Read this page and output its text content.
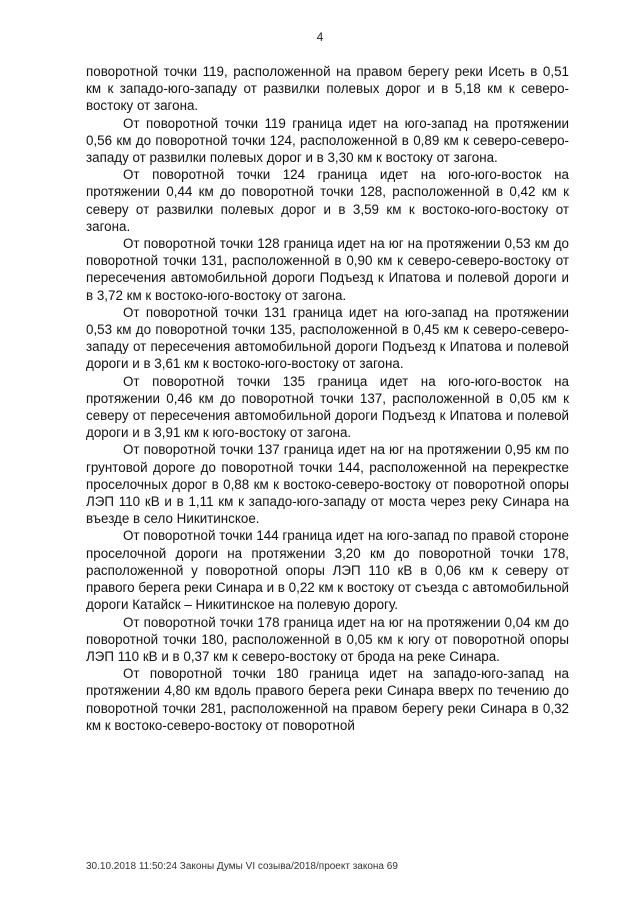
4

поворотной точки 119, расположенной на правом берегу реки Исеть в 0,51 км к западо-юго-западу от развилки полевых дорог и в 5,18 км к северо-востоку от загона.

От поворотной точки 119 граница идет на юго-запад на протяжении 0,56 км до поворотной точки 124, расположенной в 0,89 км к северо-северо-западу от развилки полевых дорог и в 3,30 км к востоку от загона.

От поворотной точки 124 граница идет на юго-юго-восток на протяжении 0,44 км до поворотной точки 128, расположенной в 0,42 км к северу от развилки полевых дорог и в 3,59 км к востоко-юго-востоку от загона.

От поворотной точки 128 граница идет на юг на протяжении 0,53 км до поворотной точки 131, расположенной в 0,90 км к северо-северо-востоку от пересечения автомобильной дороги Подъезд к Ипатова и полевой дороги и в 3,72 км к востоко-юго-востоку от загона.

От поворотной точки 131 граница идет на юго-запад на протяжении 0,53 км до поворотной точки 135, расположенной в 0,45 км к северо-северо-западу от пересечения автомобильной дороги Подъезд к Ипатова и полевой дороги и в 3,61 км к востоко-юго-востоку от загона.

От поворотной точки 135 граница идет на юго-юго-восток на протяжении 0,46 км до поворотной точки 137, расположенной в 0,05 км к северу от пересечения автомобильной дороги Подъезд к Ипатова и полевой дороги и в 3,91 км к юго-востоку от загона.

От поворотной точки 137 граница идет на юг на протяжении 0,95 км по грунтовой дороге до поворотной точки 144, расположенной на перекрестке проселочных дорог в 0,88 км к востоко-северо-востоку от поворотной опоры ЛЭП 110 кВ и в 1,11 км к западо-юго-западу от моста через реку Синара на въезде в село Никитинское.

От поворотной точки 144 граница идет на юго-запад по правой стороне проселочной дороги на протяжении 3,20 км до поворотной точки 178, расположенной у поворотной опоры ЛЭП 110 кВ в 0,06 км к северу от правого берега реки Синара и в 0,22 км к востоку от съезда с автомобильной дороги Катайск – Никитинское на полевую дорогу.

От поворотной точки 178 граница идет на юг на протяжении 0,04 км до поворотной точки 180, расположенной в 0,05 км к югу от поворотной опоры ЛЭП 110 кВ и в 0,37 км к северо-востоку от брода на реке Синара.

От поворотной точки 180 граница идет на западо-юго-запад на протяжении 4,80 км вдоль правого берега реки Синара вверх по течению до поворотной точки 281, расположенной на правом берегу реки Синара в 0,32 км к востоко-северо-востоку от поворотной

30.10.2018 11:50:24 Законы Думы VI созыва/2018/проект закона 69
